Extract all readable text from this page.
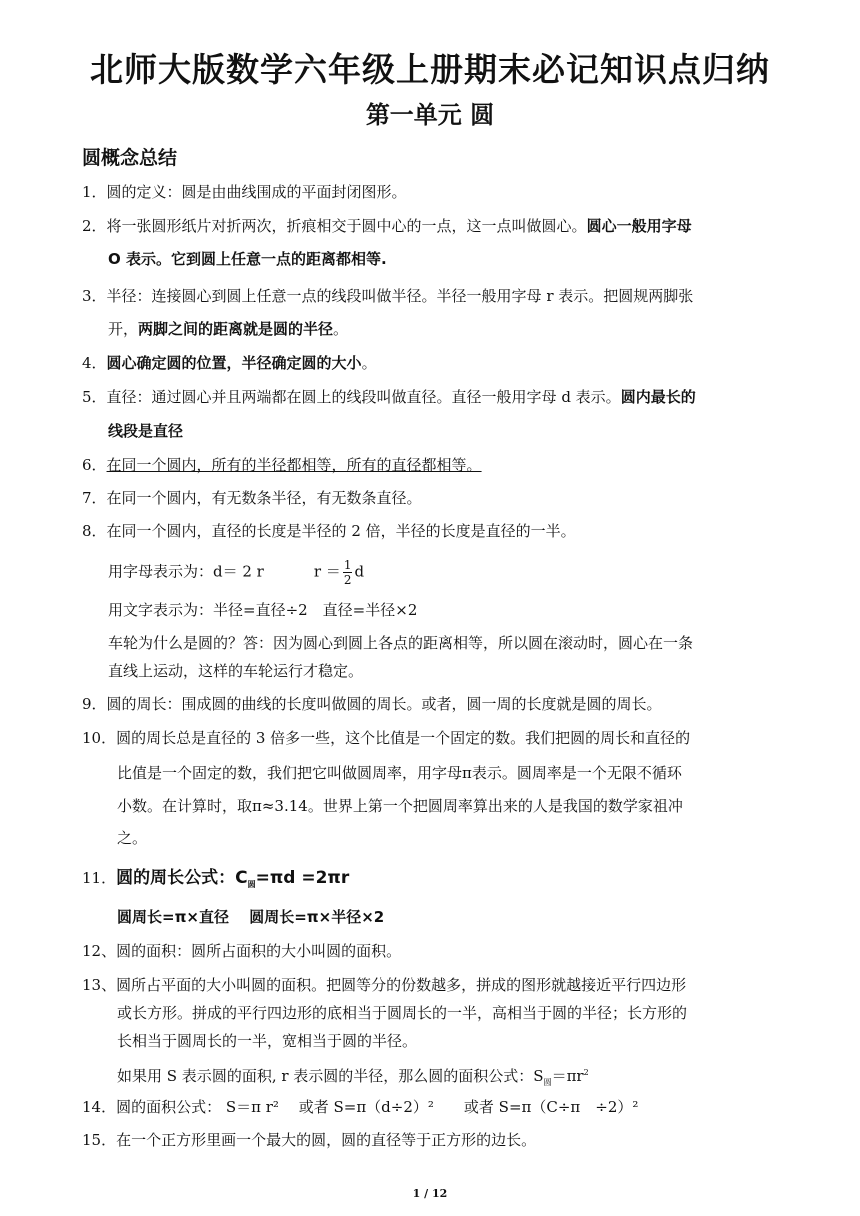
北师大版数学六年级上册期末必记知识点归纳
第一单元 圆
圆概念总结
1．圆的定义：圆是由曲线围成的平面封闭图形。
2．将一张圆形纸片对折两次，折痕相交于圆中心的一点，这一点叫做圆心。圆心一般用字母
O 表示。它到圆上任意一点的距离都相等.
3．半径：连接圆心到圆上任意一点的线段叫做半径。半径一般用字母 r 表示。把圆规两脚张
开，两脚之间的距离就是圆的半径。
4．圆心确定圆的位置，半径确定圆的大小。
5．直径：通过圆心并且两端都在圆上的线段叫做直径。直径一般用字母 d 表示。圆内最长的
线段是直径
6．在同一个圆内，所有的半径都相等，所有的直径都相等。
7．在同一个圆内，有无数条半径，有无数条直径。
8．在同一个圆内，直径的长度是半径的 2 倍，半径的长度是直径的一半。
用字母表示为：d＝ 2 r	$r = \frac{1}{2}$ d
用文字表示为：半径=直径÷2　直径=半径×2
车轮为什么是圆的？答：因为圆心到圆上各点的距离相等，所以圆在滚动时，圆心在一条
直线上运动，这样的车轮运行才稳定。
9．圆的周长：围成圆的曲线的长度叫做圆的周长。或者，圆一周的长度就是圆的周长。
10．圆的周长总是直径的 3 倍多一些，这个比值是一个固定的数。我们把圆的周长和直径的
比值是一个固定的数，我们把它叫做圆周率，用字母π表示。圆周率是一个无限不循环
小数。在计算时，取π≈3.14。世界上第一个把圆周率算出来的人是我国的数学家祖冲
之。
11．圆的周长公式：$C_圆=\pi d =2\pi r$
圆周长=π×直径　 圆周长=π×半径×2
12、圆的面积：圆所占面积的大小叫圆的面积。
13、圆所占平面的大小叫圆的面积。把圆等分的份数越多，拼成的图形就越接近平行四边形
或长方形。拼成的平行四边形的底相当于圆周长的一半，高相当于圆的半径；长方形的
长相当于圆周长的一半，宽相当于圆的半径。
如果用 S 表示圆的面积, r 表示圆的半径，那么圆的面积公式：$S_圆=\pi r^2$
14．圆的面积公式： S＝π r²　 或者 S=π（d÷2）²　　或者 S=π（C÷π　÷2）²
15．在一个正方形里画一个最大的圆，圆的直径等于正方形的边长。
1 / 12
